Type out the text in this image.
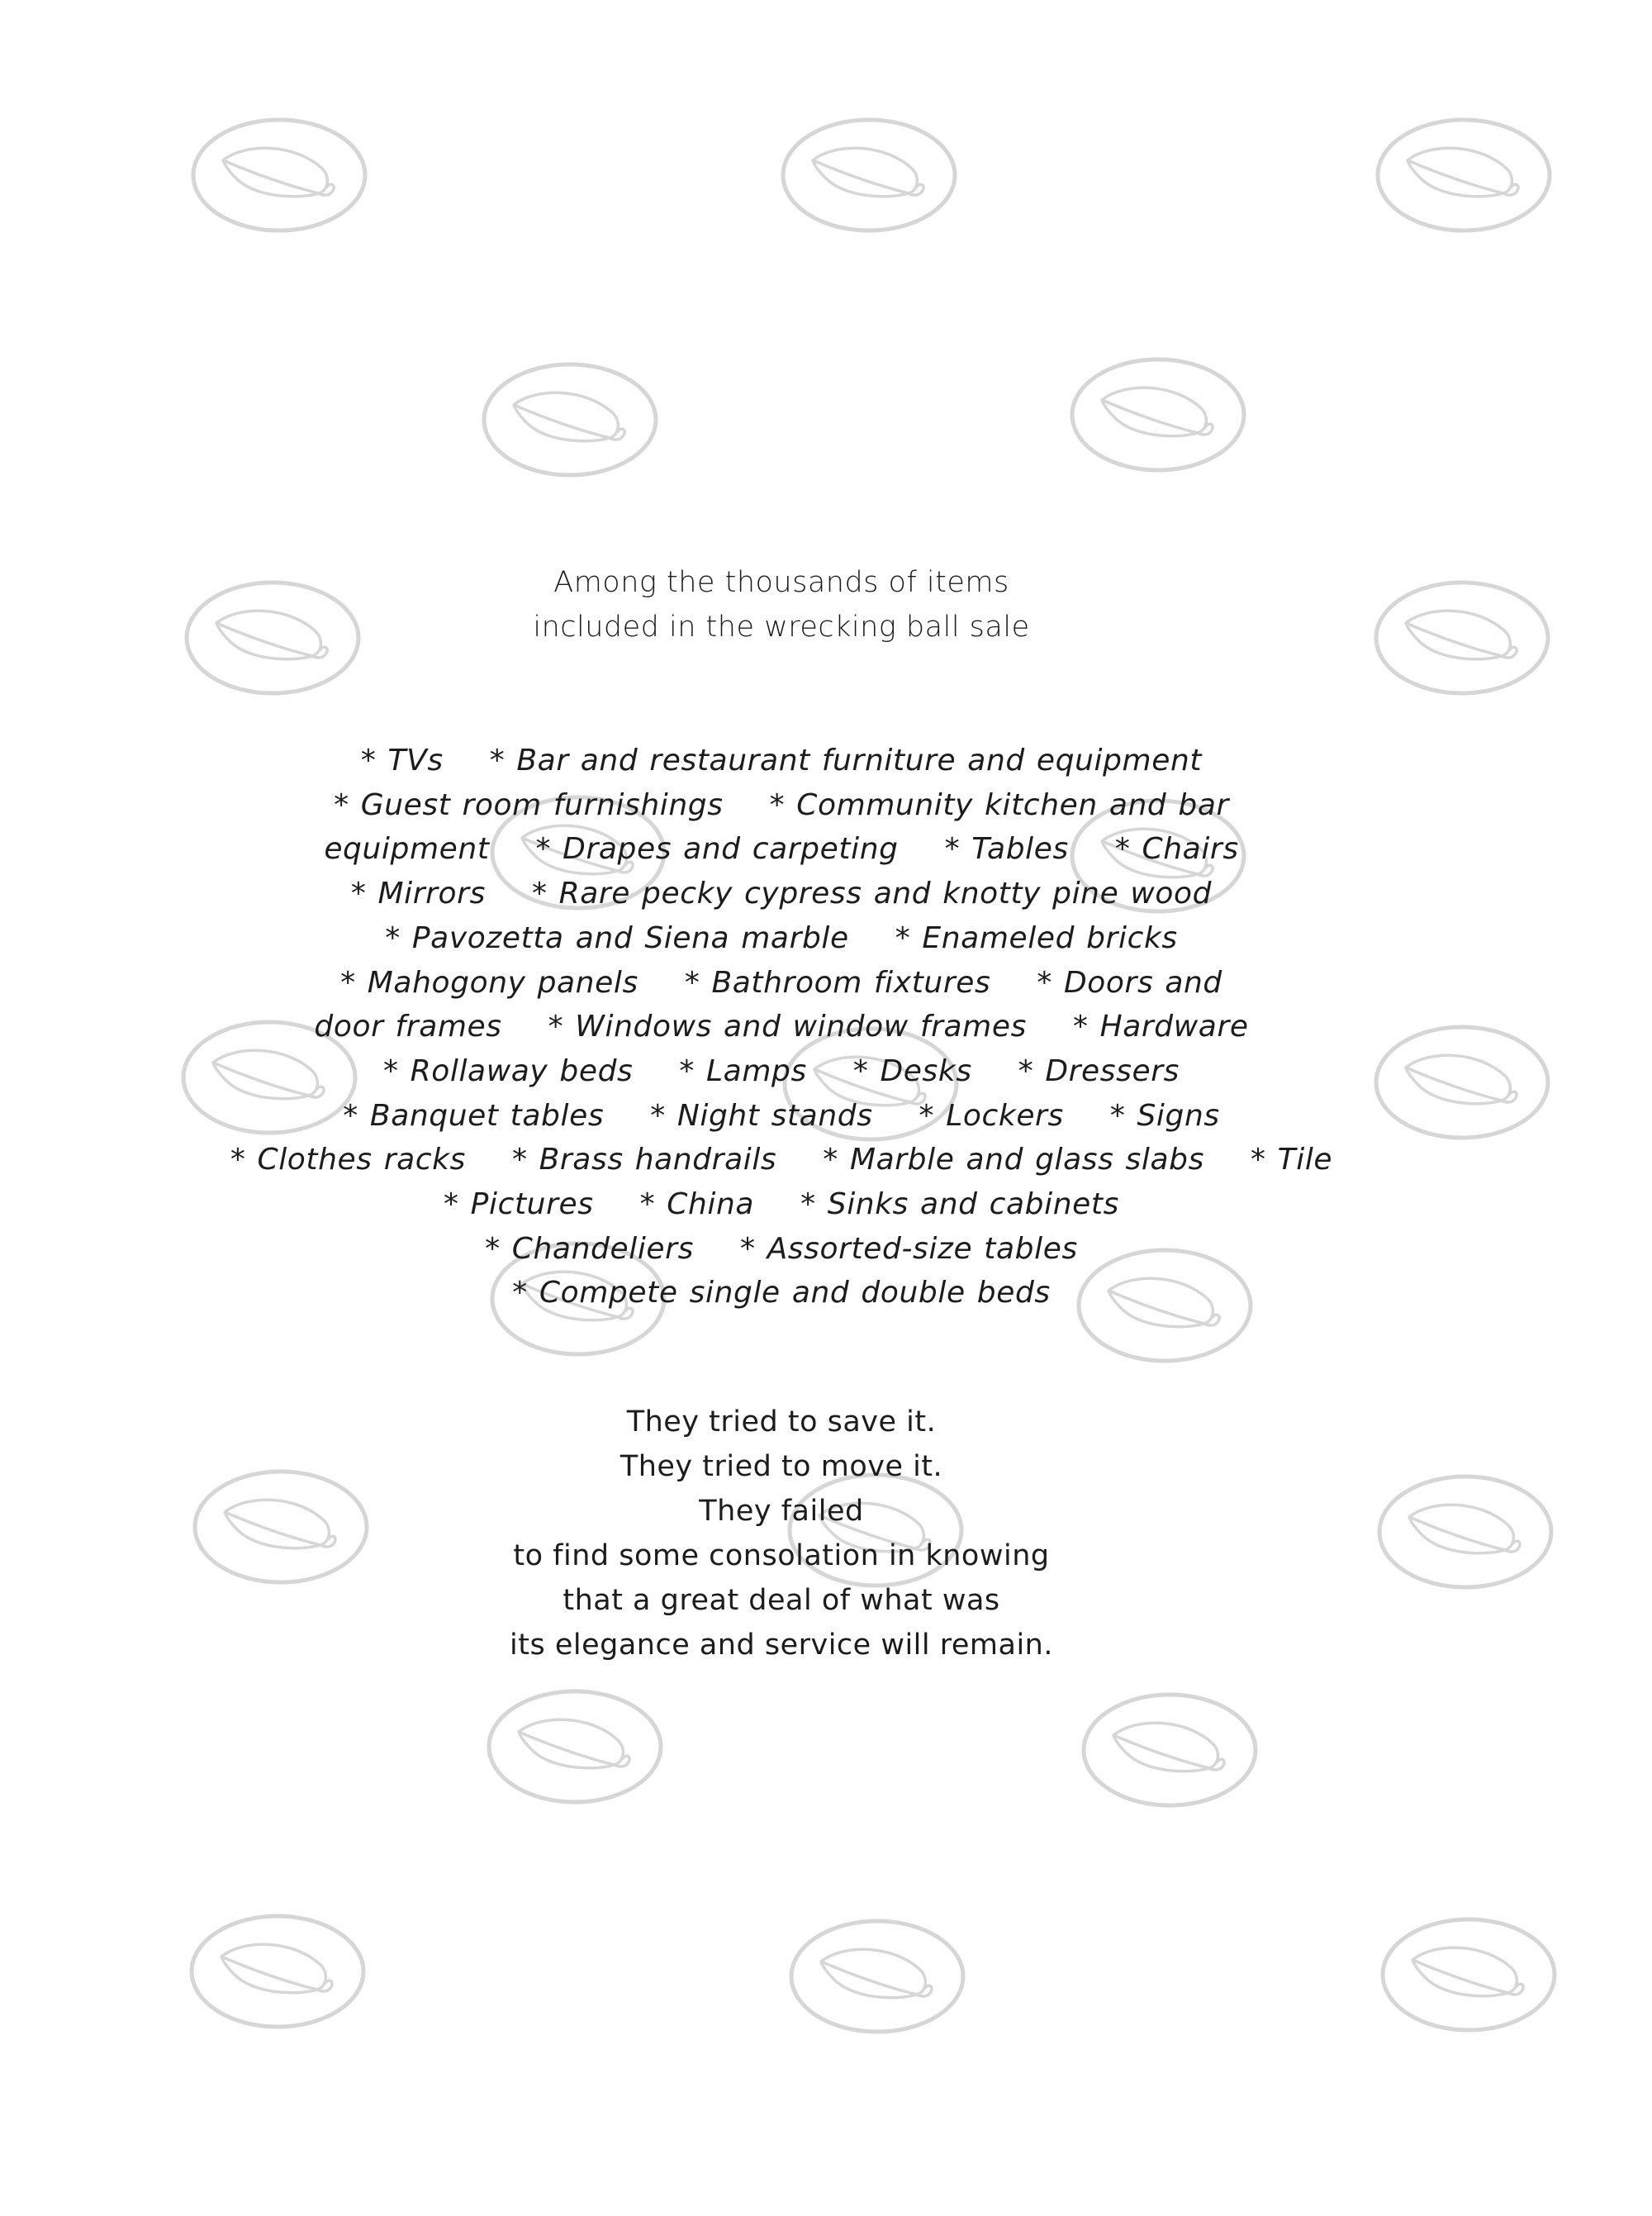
Among the thousands of items
included in the wrecking ball sale
* TVs * Bar and restaurant furniture and equipment
* Guest room furnishings * Community kitchen and bar
equipment * Drapes and carpeting * Tables * Chairs
* Mirrors * Rare pecky cypress and knotty pine wood
* Pavozetta and Siena marble * Enameled bricks
* Mahogony panels * Bathroom fixtures * Doors and
door frames * Windows and window frames * Hardware
* Rollaway beds * Lamps * Desks * Dressers
* Banquet tables * Night stands * Lockers * Signs
* Clothes racks * Brass handrails * Marble and glass slabs * Tile
* Pictures * China * Sinks and cabinets
* Chandeliers * Assorted-size tables
* Compete single and double beds
They tried to save it.
They tried to move it.
They failed
to find some consolation in knowing
that a great deal of what was
its elegance and service will remain.
